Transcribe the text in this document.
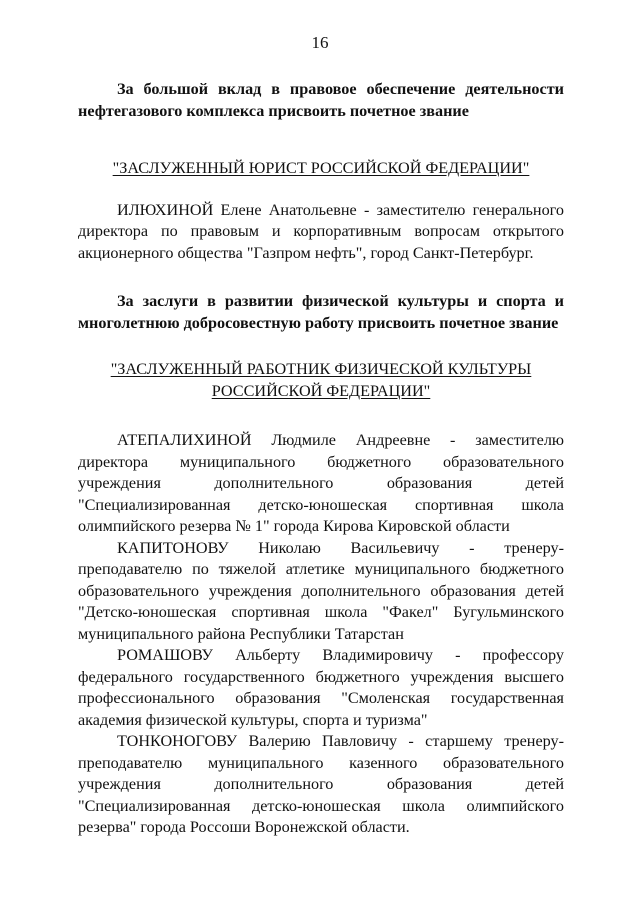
16

За большой вклад в правовое обеспечение деятельности нефтегазового комплекса присвоить почетное звание

"ЗАСЛУЖЕННЫЙ ЮРИСТ РОССИЙСКОЙ ФЕДЕРАЦИИ"

ИЛЮХИНОЙ Елене Анатольевне - заместителю генерального директора по правовым и корпоративным вопросам открытого акционерного общества "Газпром нефть", город Санкт-Петербург.

За заслуги в развитии физической культуры и спорта и многолетнюю добросовестную работу присвоить почетное звание

"ЗАСЛУЖЕННЫЙ РАБОТНИК ФИЗИЧЕСКОЙ КУЛЬТУРЫ
РОССИЙСКОЙ ФЕДЕРАЦИИ"

АТЕПАЛИХИНОЙ Людмиле Андреевне - заместителю директора муниципального бюджетного образовательного учреждения дополнительного образования детей "Специализированная детско-юношеская спортивная школа олимпийского резерва № 1" города Кирова Кировской области

КАПИТОНОВУ Николаю Васильевичу - тренеру-преподавателю по тяжелой атлетике муниципального бюджетного образовательного учреждения дополнительного образования детей "Детско-юношеская спортивная школа "Факел" Бугульминского муниципального района Республики Татарстан

РОМАШОВУ Альберту Владимировичу - профессору федерального государственного бюджетного учреждения высшего профессионального образования "Смоленская государственная академия физической культуры, спорта и туризма"

ТОНКОНОГОВУ Валерию Павловичу - старшему тренеру-преподавателю муниципального казенного образовательного учреждения дополнительного образования детей "Специализированная детско-юношеская школа олимпийского резерва" города Россоши Воронежской области.
